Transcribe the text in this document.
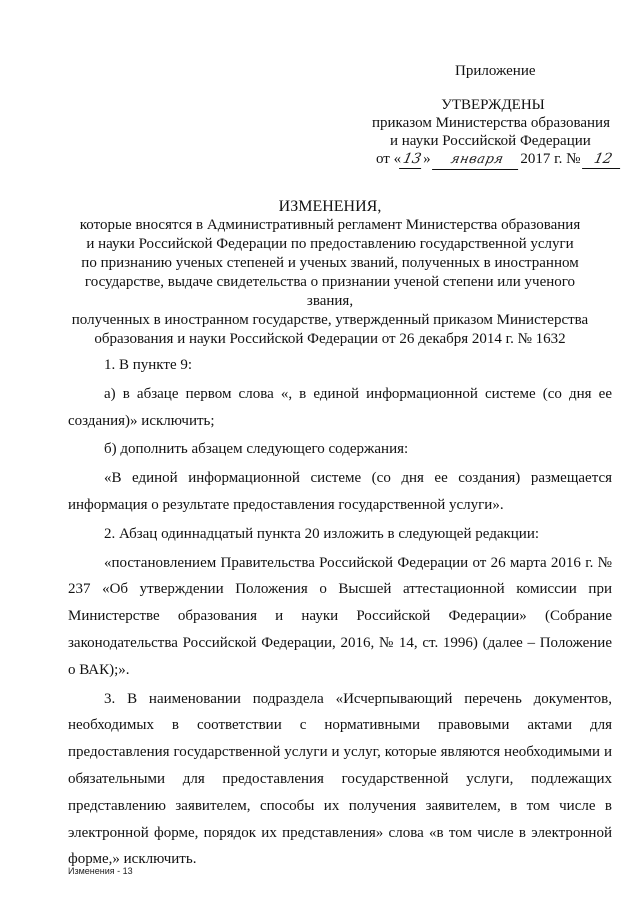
Приложение
УТВЕРЖДЕНЫ
приказом Министерства образования
и науки Российской Федерации
от «13» января 2017 г. № 12
ИЗМЕНЕНИЯ,
которые вносятся в Административный регламент Министерства образования
и науки Российской Федерации по предоставлению государственной услуги
по признанию ученых степеней и ученых званий, полученных в иностранном
государстве, выдаче свидетельства о признании ученой степени или ученого звания,
полученных в иностранном государстве, утвержденный приказом Министерства
образования и науки Российской Федерации от 26 декабря 2014 г. № 1632

1. В пункте 9:

а) в абзаце первом слова «, в единой информационной системе (со дня ее создания)» исключить;

б) дополнить абзацем следующего содержания:

«В единой информационной системе (со дня ее создания) размещается информация о результате предоставления государственной услуги».

2. Абзац одиннадцатый пункта 20 изложить в следующей редакции:

«постановлением Правительства Российской Федерации от 26 марта 2016 г. № 237 «Об утверждении Положения о Высшей аттестационной комиссии при Министерстве образования и науки Российской Федерации» (Собрание законодательства Российской Федерации, 2016, № 14, ст. 1996) (далее – Положение о ВАК);».

3. В наименовании подраздела «Исчерпывающий перечень документов, необходимых в соответствии с нормативными правовыми актами для предоставления государственной услуги и услуг, которые являются необходимыми и обязательными для предоставления государственной услуги, подлежащих представлению заявителем, способы их получения заявителем, в том числе в электронной форме, порядок их представления» слова «в том числе в электронной форме,» исключить.

Изменения - 13
